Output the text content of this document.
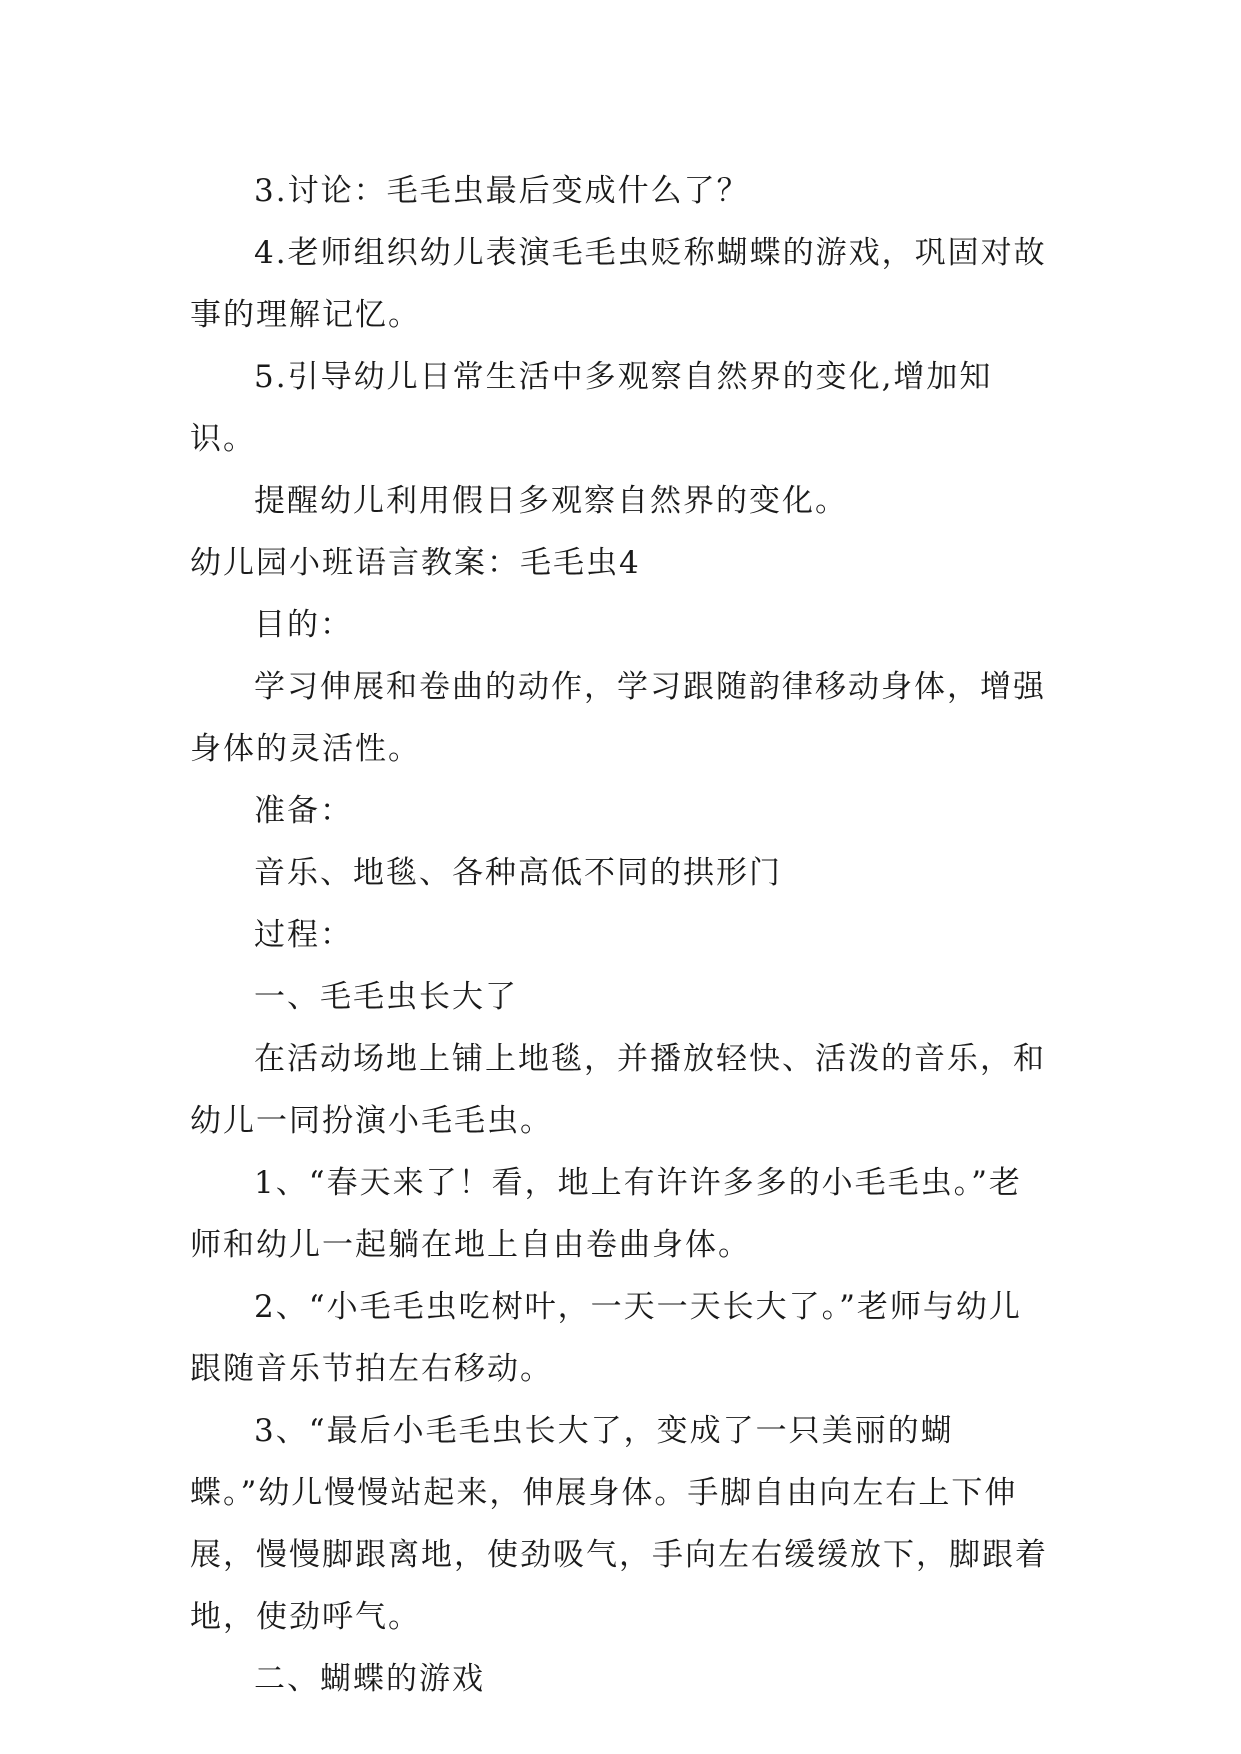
3.讨论：毛毛虫最后变成什么了？

4.老师组织幼儿表演毛毛虫贬称蝴蝶的游戏，巩固对故事的理解记忆。

5.引导幼儿日常生活中多观察自然界的变化,增加知识。

提醒幼儿利用假日多观察自然界的变化。

幼儿园小班语言教案：毛毛虫4

目的：

学习伸展和卷曲的动作，学习跟随韵律移动身体，增强身体的灵活性。

准备：

音乐、地毯、各种高低不同的拱形门

过程：

一、毛毛虫长大了

在活动场地上铺上地毯，并播放轻快、活泼的音乐，和幼儿一同扮演小毛毛虫。

1、“春天来了！看，地上有许许多多的小毛毛虫。”老师和幼儿一起躺在地上自由卷曲身体。

2、“小毛毛虫吃树叶，一天一天长大了。”老师与幼儿跟随音乐节拍左右移动。

3、“最后小毛毛虫长大了，变成了一只美丽的蝴蝶。”幼儿慢慢站起来，伸展身体。手脚自由向左右上下伸展，慢慢脚跟离地，使劲吸气，手向左右缓缓放下，脚跟着地，使劲呼气。

二、蝴蝶的游戏
